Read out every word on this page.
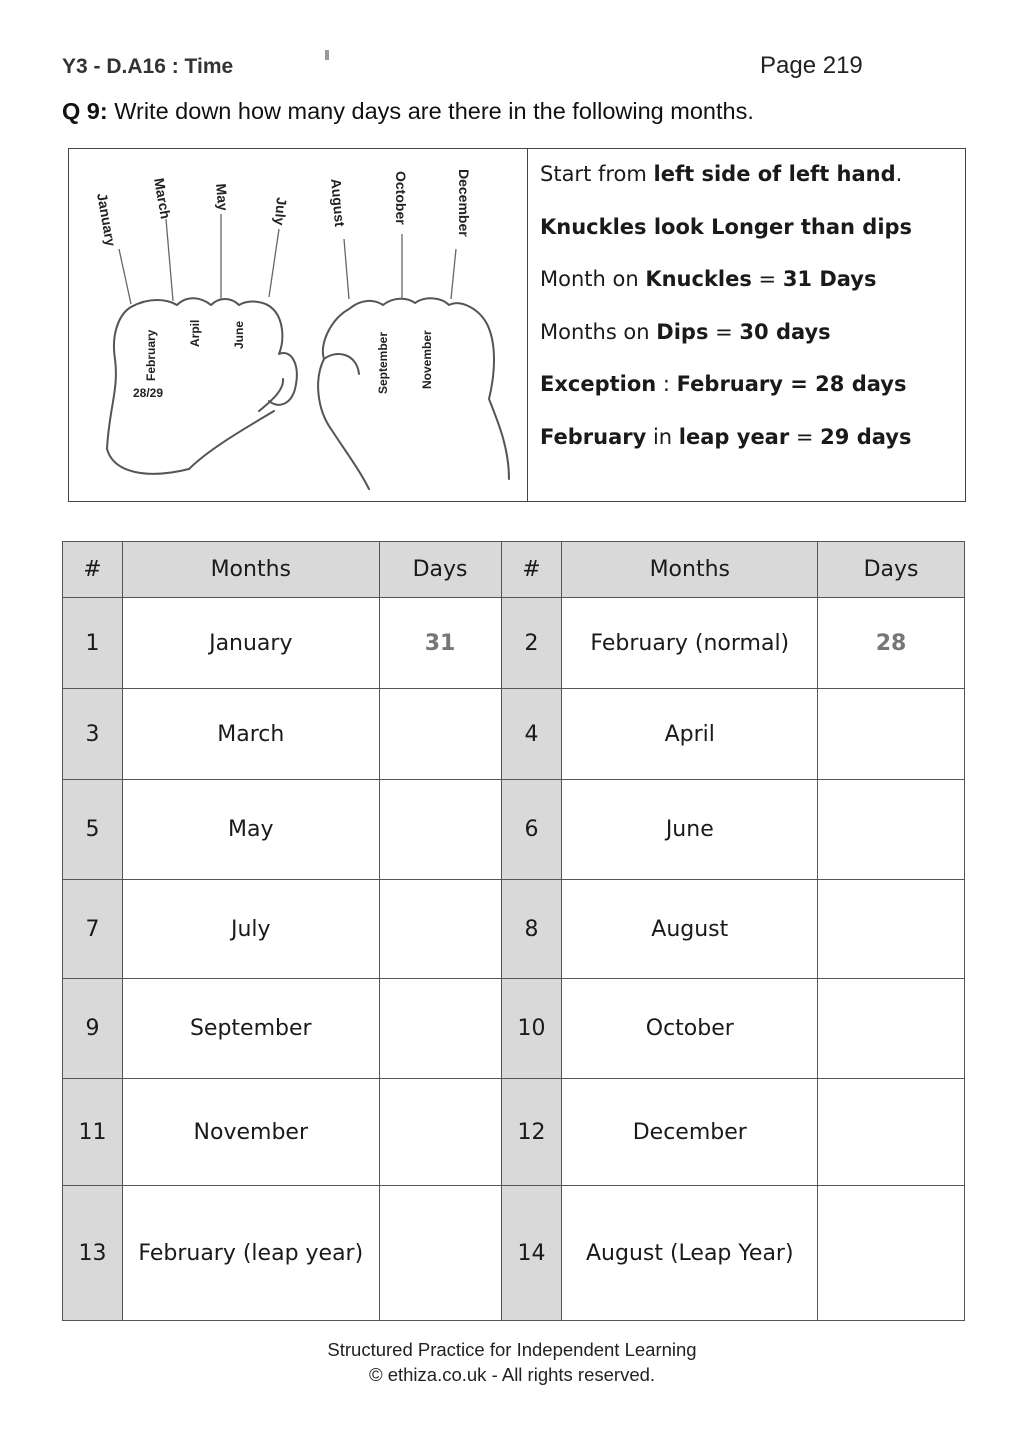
Y3 - D.A16 : Time	Page 219
Q 9: Write down how many days are there in the following months.
January March	May	July	August	October	December
February	Arpil	June	September	November
28/29
Start from left side of left hand.
Knuckles look Longer than dips
Month on Knuckles = 31 Days
Months on Dips = 30 days
Exception : February = 28 days
February in leap year = 29 days
#	Months	Days	#	Months	Days
1	January	31	2	February (normal)	28
3	March		4	April	
5	May		6	June	
7	July		8	August	
9	September		10	October	
11	November		12	December	
13	February (leap year)		14	August (Leap Year)	
Structured Practice for Independent Learning
© ethiza.co.uk - All rights reserved.
